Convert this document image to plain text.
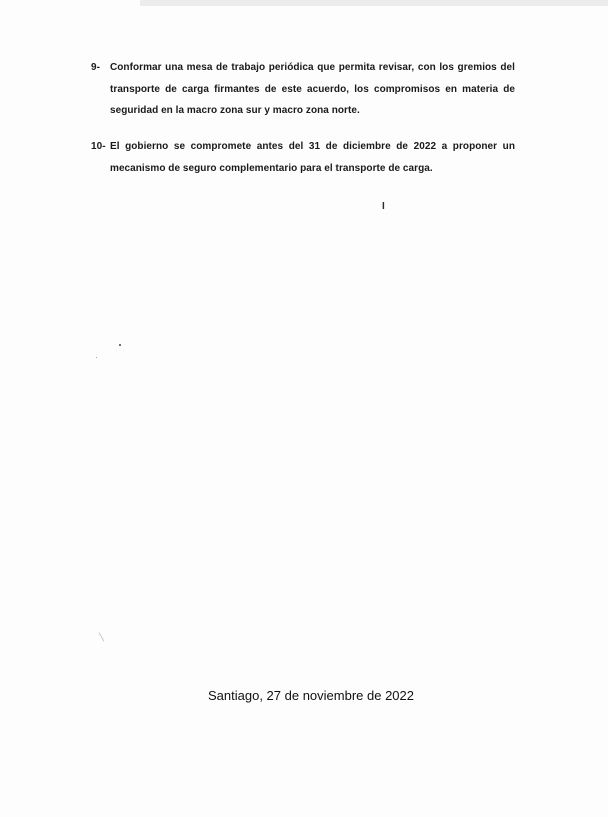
9- Conformar una mesa de trabajo periódica que permita revisar, con los gremios del transporte de carga firmantes de este acuerdo, los compromisos en materia de seguridad en la macro zona sur y macro zona norte.
10- El gobierno se compromete antes del 31 de diciembre de 2022 a proponer un mecanismo de seguro complementario para el transporte de carga.
I
Santiago, 27 de noviembre de 2022
